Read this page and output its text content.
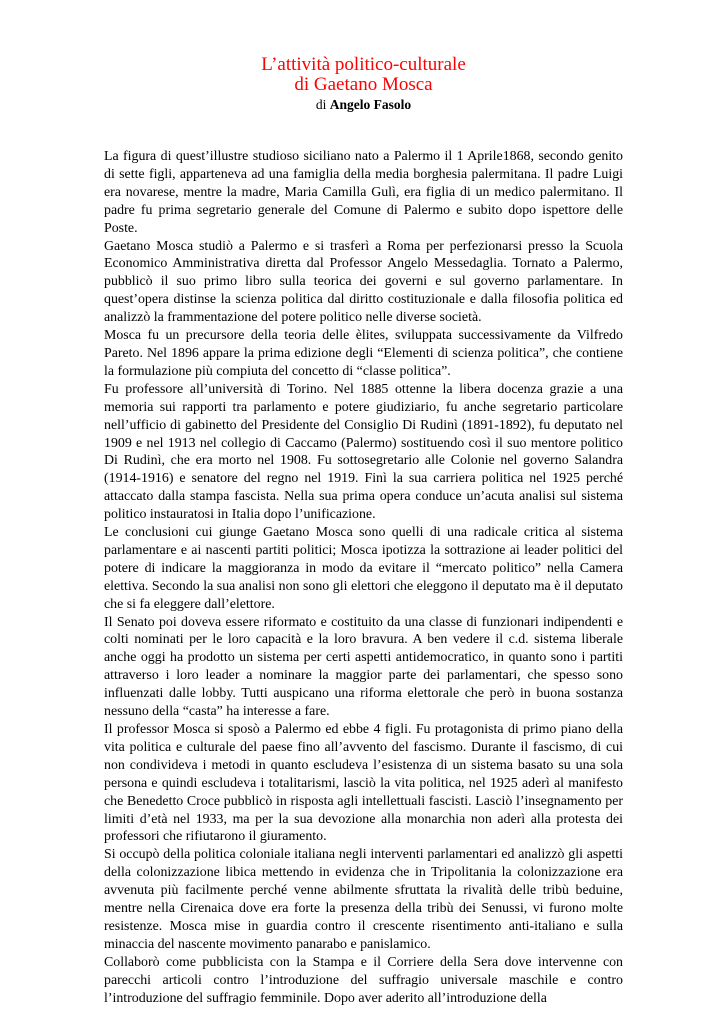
L’attività politico-culturale
di Gaetano Mosca
di Angelo Fasolo

La figura di quest’illustre studioso siciliano nato a Palermo il 1 Aprile1868, secondo genito di sette figli, apparteneva ad una famiglia della media borghesia palermitana. Il padre Luigi era novarese, mentre la madre, Maria Camilla Gulì, era figlia di un medico palermitano. Il padre fu prima segretario generale del Comune di Palermo e subito dopo ispettore delle Poste.

Gaetano Mosca studiò a Palermo e si trasferì a Roma per perfezionarsi presso la Scuola Economico Amministrativa diretta dal Professor Angelo Messedaglia. Tornato a Palermo, pubblicò il suo primo libro sulla teorica dei governi e sul governo parlamentare. In quest’opera distinse la scienza politica dal diritto costituzionale e dalla filosofia politica ed analizzò la frammentazione del potere politico nelle diverse società.

Mosca fu un precursore della teoria delle èlites, sviluppata successivamente da Vilfredo Pareto. Nel 1896 appare la prima edizione degli “Elementi di scienza politica”, che contiene la formulazione più compiuta del concetto di “classe politica”.

Fu professore all’università di Torino. Nel 1885 ottenne la libera docenza grazie a una memoria sui rapporti tra parlamento e potere giudiziario, fu anche segretario particolare nell’ufficio di gabinetto del Presidente del Consiglio Di Rudinì (1891-1892), fu deputato nel 1909 e nel 1913 nel collegio di Caccamo (Palermo) sostituendo così il suo mentore politico Di Rudinì, che era morto nel 1908. Fu sottosegretario alle Colonie nel governo Salandra (1914-1916) e senatore del regno nel 1919. Finì la sua carriera politica nel 1925 perché attaccato dalla stampa fascista. Nella sua prima opera conduce un’acuta analisi sul sistema politico instauratosi in Italia dopo l’unificazione.

Le conclusioni cui giunge Gaetano Mosca sono quelli di una radicale critica al sistema parlamentare e ai nascenti partiti politici; Mosca ipotizza la sottrazione ai leader politici del potere di indicare la maggioranza in modo da evitare il “mercato politico” nella Camera elettiva. Secondo la sua analisi non sono gli elettori che eleggono il deputato ma è il deputato che si fa eleggere dall’elettore.

Il Senato poi doveva essere riformato e costituito da una classe di funzionari indipendenti e colti nominati per le loro capacità e la loro bravura. A ben vedere il c.d. sistema liberale anche oggi ha prodotto un sistema per certi aspetti antidemocratico, in quanto sono i partiti attraverso i loro leader a nominare la maggior parte dei parlamentari, che spesso sono influenzati dalle lobby. Tutti auspicano una riforma elettorale che però in buona sostanza nessuno della “casta” ha interesse a fare.

Il professor Mosca si sposò a Palermo ed ebbe 4 figli. Fu protagonista di primo piano della vita politica e culturale del paese fino all’avvento del fascismo. Durante il fascismo, di cui non condivideva i metodi in quanto escludeva l’esistenza di un sistema basato su una sola persona e quindi escludeva i totalitarismi, lasciò la vita politica, nel 1925 aderì al manifesto che Benedetto Croce pubblicò in risposta agli intellettuali fascisti. Lasciò l’insegnamento per limiti d’età nel 1933, ma per la sua devozione alla monarchia non aderì alla protesta dei professori che rifiutarono il giuramento.

Si occupò della politica coloniale italiana negli interventi parlamentari ed analizzò gli aspetti della colonizzazione libica mettendo in evidenza che in Tripolitania la colonizzazione era avvenuta più facilmente perché venne abilmente sfruttata la rivalità delle tribù beduine, mentre nella Cirenaica dove era forte la presenza della tribù dei Senussi, vi furono molte resistenze. Mosca mise in guardia contro il crescente risentimento anti-italiano e sulla minaccia del nascente movimento panarabo e panislamico.

Collaborò come pubblicista con la Stampa e il Corriere della Sera dove intervenne con parecchi articoli contro l’introduzione del suffragio universale maschile e contro l’introduzione del suffragio femminile. Dopo aver aderito all’introduzione della
